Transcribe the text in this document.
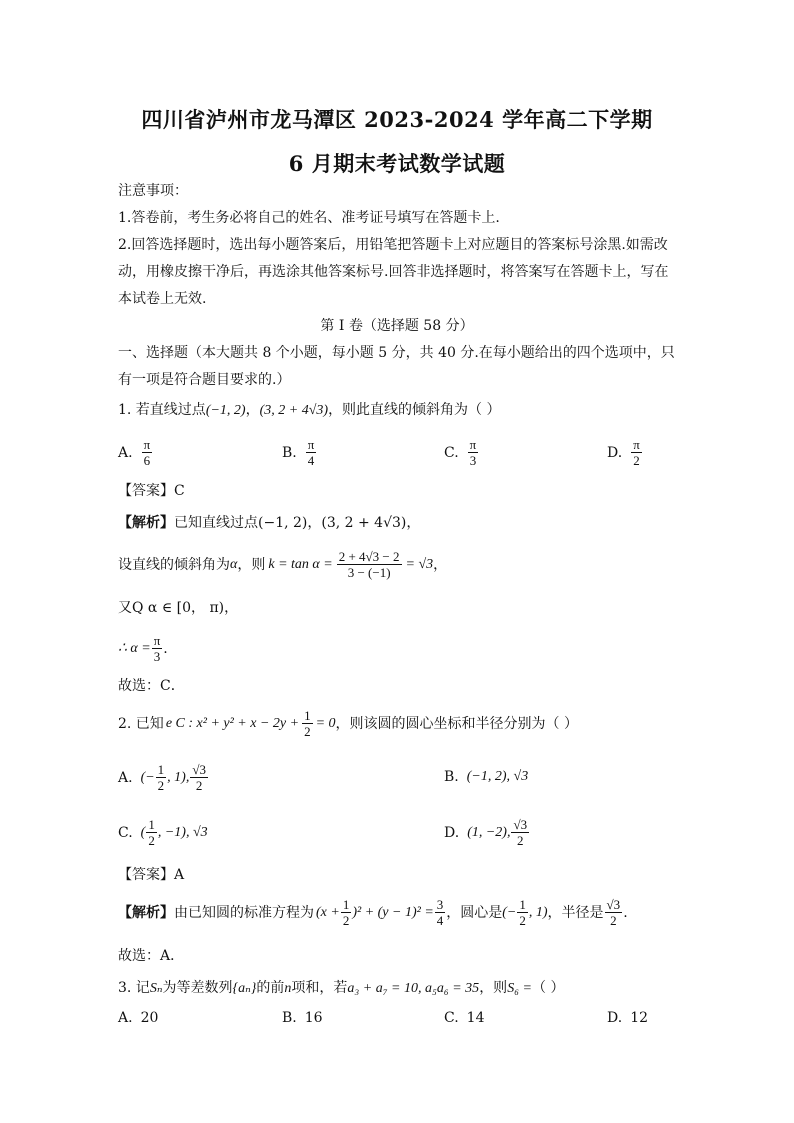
四川省泸州市龙马潭区 2023-2024 学年高二下学期
6 月期末考试数学试题
注意事项：
1.答卷前，考生务必将自己的姓名、准考证号填写在答题卡上.
2.回答选择题时，选出每小题答案后，用铅笔把答题卡上对应题目的答案标号涂黑.如需改
动，用橡皮擦干净后，再选涂其他答案标号.回答非选择题时，将答案写在答题卡上，写在
本试卷上无效.
第 I 卷（选择题 58 分）
一、选择题（本大题共 8 个小题，每小题 5 分，共 40 分.在每小题给出的四个选项中，只
有一项是符合题目要求的.）
1. 若直线过点(−1, 2)，(3, 2 + 4√3)，则此直线的倾斜角为（ ）
A. $\frac{\pi}{6}$	B. $\frac{\pi}{4}$	C. $\frac{\pi}{3}$	D. $\frac{\pi}{2}$
【答案】C
【解析】已知直线过点(−1, 2)，(3, 2 + 4√3)，
设直线的倾斜角为 α ，则 $k = \tan \alpha = \frac{2 + 4√3 - 2}{3 - (-1)} = √3$ ，
又Q α ∈ [0， π)，
∴ $\alpha = \frac{\pi}{3}$ .
故选：C．
2. 已知 e C : $x^2 + y^2 + x - 2y + \frac{1}{2} = 0$ ，则该圆的圆心坐标和半径分别为（ ）
A. (− $\frac{1}{2}$ , 1), $\frac{√3}{2}$	B. (−1, 2), √3
C. ( $\frac{1}{2}$ , −1), √3	D. (1, −2), $\frac{√3}{2}$
【答案】A
【解析】 由已知圆的标准方程为 $(x + \frac{1}{2} )^2 + (y - 1)^2 = \frac{3}{4}$ ，圆心是 (− $\frac{1}{2}$ , 1) ，半径是 $\frac{√3}{2}$ .
故选：A．
3. 记Sₙ为等差数列{aₙ}的前n项和，若a₃ + a₇ = 10, a₅a₆ = 35，则S₆ =（ ）
A. 20	B. 16	C. 14	D. 12
